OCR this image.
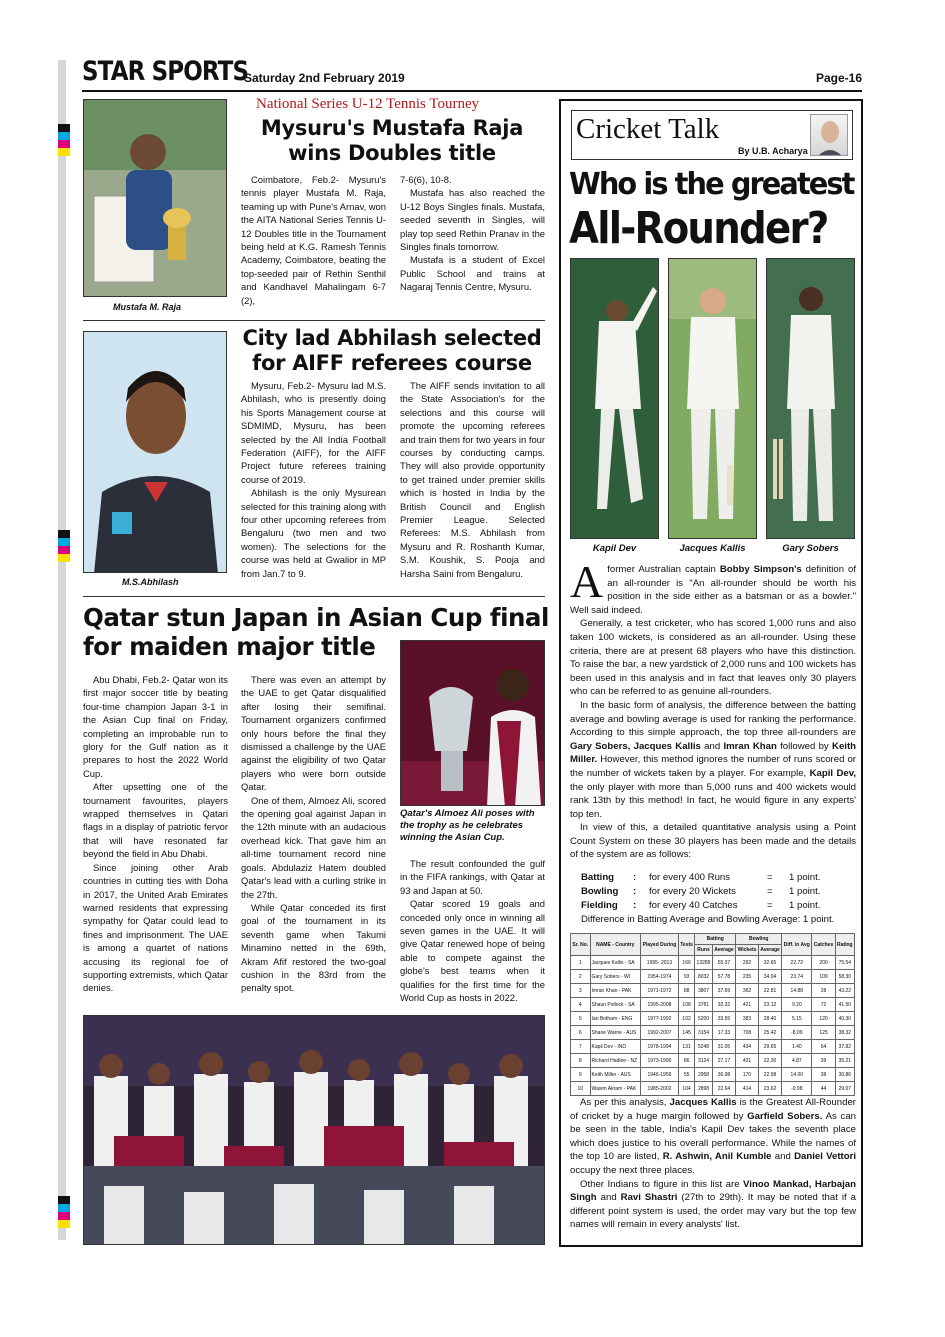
STAR SPORTS
Saturday 2nd February 2019	Page-16
Mustafa M. Raja
National Series U-12 Tennis Tourney
Mysuru's Mustafa Raja wins Doubles title

Coimbatore, Feb.2- Mysuru's tennis player Mustafa M. Raja, teaming up with Pune's Arnav, won the AITA National Series Tennis U-12 Doubles title in the Tournament being held at K.G. Ramesh Tennis Academy, Coimbatore, beating the top-seeded pair of Rethin Senthil and Kandhavel Mahalingam 6-7 (2),

7-6(6), 10-8.

Mustafa has also reached the U-12 Boys Singles finals. Mustafa, seeded seventh in Singles, will play top seed Rethin Pranav in the Singles finals tomorrow.

Mustafa is a student of Excel Public School and trains at Nagaraj Tennis Centre, Mysuru.

M.S.Abhilash
City lad Abhilash selected for AIFF referees course

Mysuru, Feb.2- Mysuru lad M.S. Abhilash, who is presently doing his Sports Management course at SDMIMD, Mysuru, has been selected by the All India Football Federation (AIFF), for the AIFF Project future referees training course of 2019.

Abhilash is the only Mysurean selected for this training along with four other upcoming referees from Bengaluru (two men and two women). The selections for the course was held at Gwalior in MP from Jan.7 to 9.

The AIFF sends invitation to all the State Association's for the selections and this course will promote the upcoming referees and train them for two years in four courses by conducting camps. They will also provide opportunity to get trained under premier skills which is hosted in India by the British Council and English Premier League. Selected Referees: M.S. Abhilash from Mysuru and R. Roshanth Kumar, S.M. Koushik, S. Pooja and Harsha Saini from Bengaluru.

Qatar stun Japan in Asian Cup final for maiden major title

Abu Dhabi, Feb.2- Qatar won its first major soccer title by beating four-time champion Japan 3-1 in the Asian Cup final on Friday, completing an improbable run to glory for the Gulf nation as it prepares to host the 2022 World Cup.

After upsetting one of the tournament favourites, players wrapped themselves in Qatari flags in a display of patriotic fervor that will have resonated far beyond the field in Abu Dhabi.

Since joining other Arab countries in cutting ties with Doha in 2017, the United Arab Emirates warned residents that expressing sympathy for Qatar could lead to fines and imprisonment. The UAE is among a quartet of nations accusing its regional foe of supporting extremists, which Qatar denies.

There was even an attempt by the UAE to get Qatar disqualified after losing their semifinal. Tournament organizers confirmed only hours before the final they dismissed a challenge by the UAE against the eligibility of two Qatar players who were born outside Qatar.

One of them, Almoez Ali, scored the opening goal against Japan in the 12th minute with an audacious overhead kick. That gave him an all-time tournament record nine goals. Abdulaziz Hatem doubled Qatar's lead with a curling strike in the 27th.

While Qatar conceded its first goal of the tournament in its seventh game when Takumi Minamino netted in the 69th, Akram Afif restored the two-goal cushion in the 83rd from the penalty spot.

Qatar's Almoez Ali poses with the trophy as he celebrates winning the Asian Cup.

The result confounded the gulf in the FIFA rankings, with Qatar at 93 and Japan at 50.

Qatar scored 19 goals and conceded only once in winning all seven games in the UAE. It will give Qatar renewed hope of being able to compete against the globe's best teams when it qualifies for the first time for the World Cup as hosts in 2022.

Cricket Talk
By U.B. Acharya
Who is the greatest
All-Rounder?
Kapil Dev	Jacques Kallis	Gary Sobers

Aformer Australian captain Bobby Simpson's definition of an all-rounder is "An all-rounder should be worth his position in the side either as a batsman or as a bowler." Well said indeed.

Generally, a test cricketer, who has scored 1,000 runs and also taken 100 wickets, is considered as an all-rounder. Using these criteria, there are at present 68 players who have this distinction. To raise the bar, a new yardstick of 2,000 runs and 100 wickets has been used in this analysis and in fact that leaves only 30 players who can be referred to as genuine all-rounders.

In the basic form of analysis, the difference between the batting average and bowling average is used for ranking the performance. According to this simple approach, the top three all-rounders are Gary Sobers, Jacques Kallis and Imran Khan followed by Keith Miller. However, this method ignores the number of runs scored or the number of wickets taken by a player. For example, Kapil Dev, the only player with more than 5,000 runs and 400 wickets would rank 13th by this method! In fact, he would figure in any experts' top ten.

In view of this, a detailed quantitative analysis using a Point Count System on these 30 players has been made and the details of the system are as follows:

Batting	:	for every 400 Runs	=	1 point.
Bowling	:	for every 20 Wickets	=	1 point.
Fielding	:	for every 40 Catches	=	1 point.
Difference in Batting Average and Bowling Average: 1 point.
Sr. No.	NAME - Country	Played During	Tests	Batting		Bowling		Diff. in Avg	Catches	Rating
				Runs	Average	Wickets	Average			
1	Jacques Kallis - SA	1995- 2013	166	13289	55.37	292	32.65	22.72	200	75.54
2	Gary Sobers - WI	1954-1974	93	8032	57.78	235	34.04	23.74	109	58.30
3	Imran Khan - PAK	1971-1972	88	3807	37.69	362	22.81	14.88	28	43.22
4	Shaun Pollock - SA	1995-2008	108	3781	32.32	421	23.12	9.20	72	41.50
5	Ian Botham - ENG	1977-1992	102	5200	33.55	383	28.40	5.15	120	40.30
6	Shane Warne - AUS	1992-2007	145	3154	17.33	708	25.42	-8.09	125	38.32
7	Kapil Dev - IND	1978-1994	131	5248	31.05	434	29.65	1.40	64	37.82
8	Richard Hadlee - NZ	1973-1990	86	3124	27.17	431	22.30	4.87	39	35.21
9	Keith Miller - AUS	1946-1956	55	2958	36.98	170	22.98	14.00	38	30.86
10	Wasim Akram - PAK	1985-2002	104	2898	22.64	414	23.62	-0.98	44	29.07

As per this analysis, Jacques Kallis is the Greatest All-Rounder of cricket by a huge margin followed by Garfield Sobers. As can be seen in the table, India's Kapil Dev takes the seventh place which does justice to his overall performance. While the names of the top 10 are listed, R. Ashwin, Anil Kumble and Daniel Vettori occupy the next three places.

Other Indians to figure in this list are Vinoo Mankad, Harbajan Singh and Ravi Shastri (27th to 29th). It may be noted that if a different point system is used, the order may vary but the top few names will remain in every analysts' list.
